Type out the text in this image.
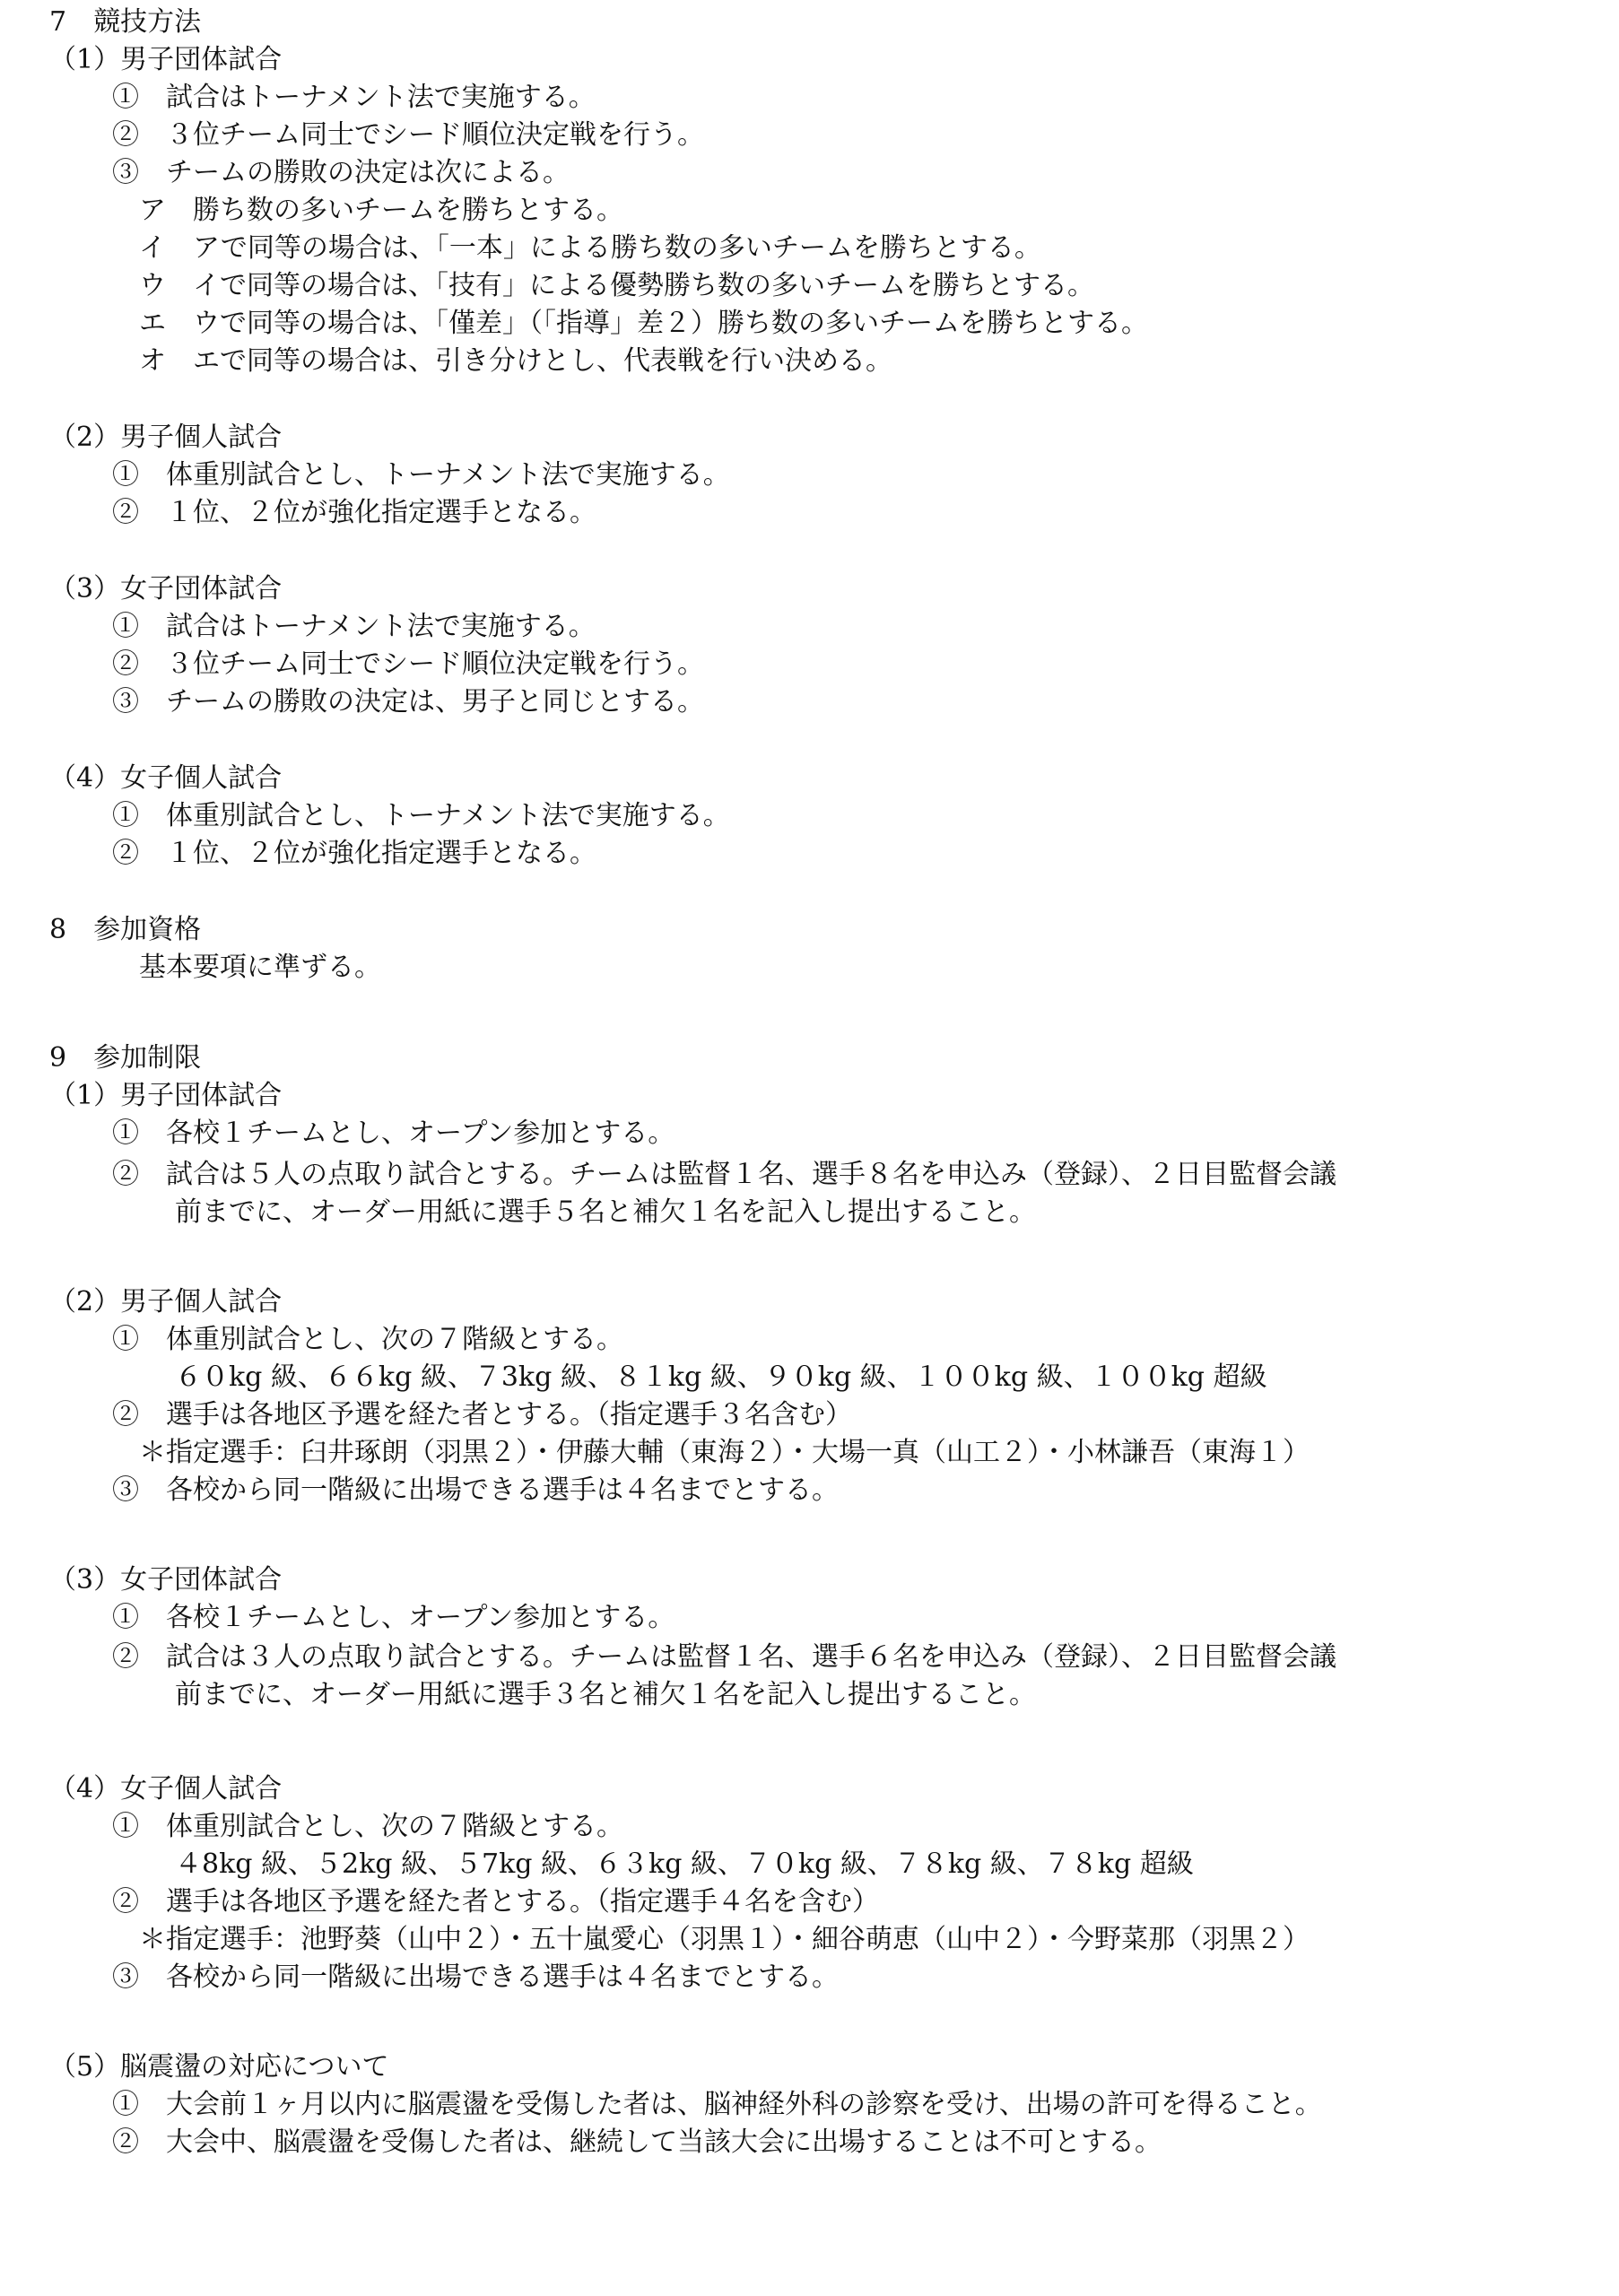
7　競技方法
（1）男子団体試合
①　試合はトーナメント法で実施する。
②　３位チーム同士でシード順位決定戦を行う。
③　チームの勝敗の決定は次による。
ア　勝ち数の多いチームを勝ちとする。
イ　アで同等の場合は、「一本」による勝ち数の多いチームを勝ちとする。
ウ　イで同等の場合は、「技有」による優勢勝ち数の多いチームを勝ちとする。
エ　ウで同等の場合は、「僅差」（「指導」差２）勝ち数の多いチームを勝ちとする。
オ　エで同等の場合は、引き分けとし、代表戦を行い決める。
（2）男子個人試合
①　体重別試合とし、トーナメント法で実施する。
②　１位、２位が強化指定選手となる。
（3）女子団体試合
①　試合はトーナメント法で実施する。
②　３位チーム同士でシード順位決定戦を行う。
③　チームの勝敗の決定は、男子と同じとする。
（4）女子個人試合
①　体重別試合とし、トーナメント法で実施する。
②　１位、２位が強化指定選手となる。
8　参加資格
基本要項に準ずる。
9　参加制限
（1）男子団体試合
①　各校１チームとし、オープン参加とする。
②　試合は５人の点取り試合とする。チームは監督１名、選手８名を申込み（登録）、２日目監督会議
前までに、オーダー用紙に選手５名と補欠１名を記入し提出すること。
（2）男子個人試合
①　体重別試合とし、次の７階級とする。
６０kg 級、６６kg 級、７3kg 級、８１kg 級、９０kg 級、１００kg 級、１００kg 超級
②　選手は各地区予選を経た者とする。（指定選手３名含む）
＊指定選手：臼井琢朗（羽黒２）・伊藤大輔（東海２）・大場一真（山工２）・小林謙吾（東海１）
③　各校から同一階級に出場できる選手は４名までとする。
（3）女子団体試合
①　各校１チームとし、オープン参加とする。
②　試合は３人の点取り試合とする。チームは監督１名、選手６名を申込み（登録）、２日目監督会議
前までに、オーダー用紙に選手３名と補欠１名を記入し提出すること。
（4）女子個人試合
①　体重別試合とし、次の７階級とする。
４8kg 級、５2kg 級、５7kg 級、６３kg 級、７０kg 級、７８kg 級、７８kg 超級
②　選手は各地区予選を経た者とする。（指定選手４名を含む）
＊指定選手：池野葵（山中２）・五十嵐愛心（羽黒１）・細谷萌恵（山中２）・今野菜那（羽黒２）
③　各校から同一階級に出場できる選手は４名までとする。
（5）脳震盪の対応について
①　大会前１ヶ月以内に脳震盪を受傷した者は、脳神経外科の診察を受け、出場の許可を得ること。
②　大会中、脳震盪を受傷した者は、継続して当該大会に出場することは不可とする。
